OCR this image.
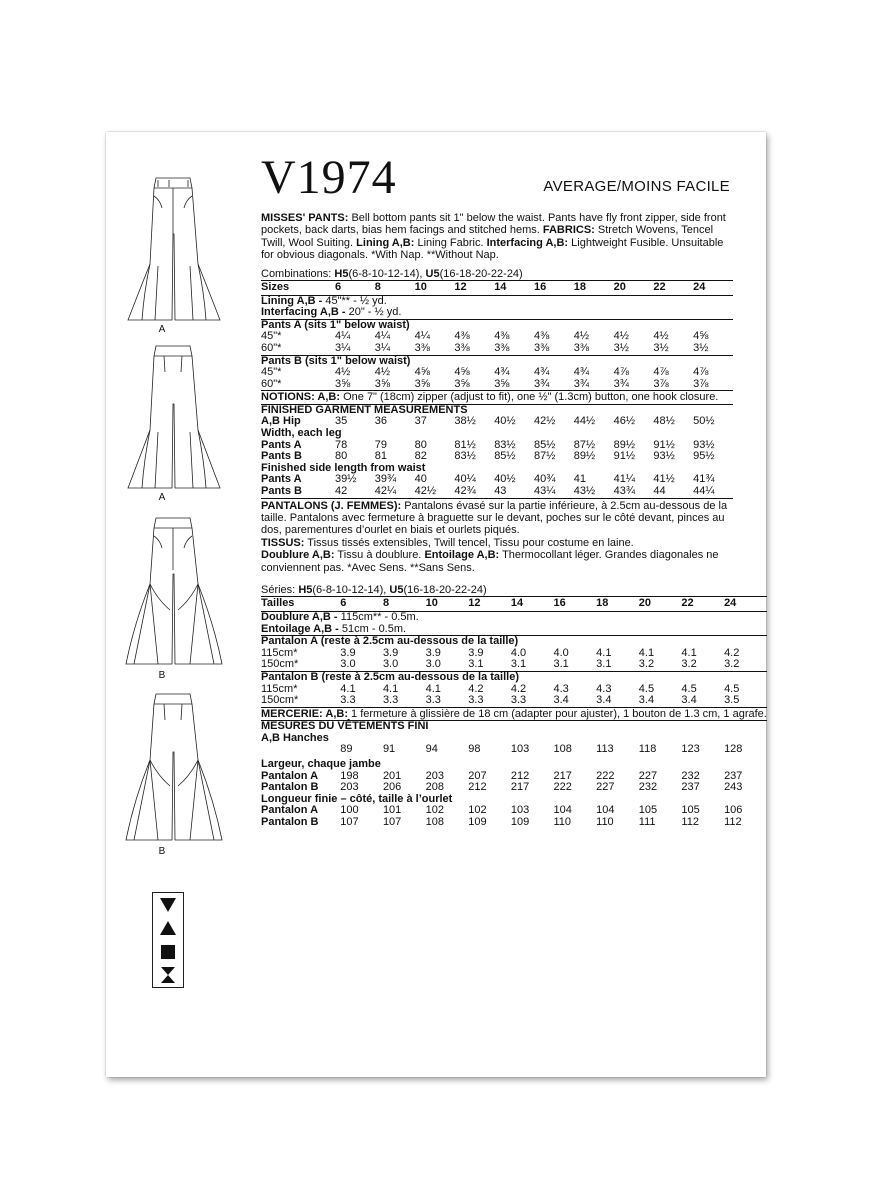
A
A
B
B
V1974	AVERAGE/MOINS FACILE

MISSES' PANTS: Bell bottom pants sit 1" below the waist. Pants have fly front zipper, side front pockets, back darts, bias hem facings and stitched hems. FABRICS: Stretch Wovens, Tencel Twill, Wool Suiting. Lining A,B: Lining Fabric. Interfacing A,B: Lightweight Fusible. Unsuitable for obvious diagonals. *With Nap. **Without Nap.

Combinations: H5(6-8-10-12-14), U5(16-18-20-22-24)
Sizes	6	8	10	12	14	16	18	20	22	24
Lining A,B - 45"** - ½ yd.										
Interfacing A,B - 20" - ½ yd.										
Pants A (sits 1" below waist)										
45"*	4¼	4¼	4¼	4⅜	4⅜	4⅜	4½	4½	4½	4⅝
60"*	3¼	3¼	3⅜	3⅜	3⅜	3⅜	3⅜	3½	3½	3½
Pants B (sits 1" below waist)										
45"*	4½	4½	4⅝	4⅝	4¾	4¾	4¾	4⅞	4⅞	4⅞
60"*	3⅝	3⅝	3⅝	3⅝	3⅝	3¾	3¾	3¾	3⅞	3⅞
NOTIONS: A,B: One 7" (18cm) zipper (adjust to fit), one ½" (1.3cm) button, one hook closure.										
FINISHED GARMENT MEASUREMENTS										
A,B Hip	35	36	37	38½	40½	42½	44½	46½	48½	50½
Width, each leg										
Pants A	78	79	80	81½	83½	85½	87½	89½	91½	93½
Pants B	80	81	82	83½	85½	87½	89½	91½	93½	95½
Finished side length from waist										
Pants A	39½	39¾	40	40¼	40½	40¾	41	41¼	41½	41¾
Pants B	42	42¼	42½	42¾	43	43¼	43½	43¾	44	44¼

PANTALONS (J. FEMMES): Pantalons évasé sur la partie inférieure, à 2.5cm au-dessous de la taille. Pantalons avec fermeture à braguette sur le devant, poches sur le côté devant, pinces au dos, parementures d’ourlet en biais et ourlets piqués.
TISSUS: Tissus tissés extensibles, Twill tencel, Tissu pour costume en laine.
Doublure A,B: Tissu à doublure. Entoilage A,B: Thermocollant léger. Grandes diagonales ne conviennent pas. *Avec Sens. **Sans Sens.

Séries: H5(6-8-10-12-14), U5(16-18-20-22-24)
Tailles	6	8	10	12	14	16	18	20	22	24
Doublure A,B - 115cm** - 0.5m.										
Entoilage A,B - 51cm - 0.5m.										
Pantalon A (reste à 2.5cm au-dessous de la taille)										
115cm*	3.9	3.9	3.9	3.9	4.0	4.0	4.1	4.1	4.1	4.2
150cm*	3.0	3.0	3.0	3.1	3.1	3.1	3.1	3.2	3.2	3.2
Pantalon B (reste à 2.5cm au-dessous de la taille)										
115cm*	4.1	4.1	4.1	4.2	4.2	4.3	4.3	4.5	4.5	4.5
150cm*	3.3	3.3	3.3	3.3	3.3	3.4	3.4	3.4	3.4	3.5
MERCERIE: A,B: 1 fermeture à glissière de 18 cm (adapter pour ajuster), 1 bouton de 1.3 cm, 1 agrafe.										
MESURES DU VÊTEMENTS FINI										
A,B Hanches										
	89	91	94	98	103	108	113	118	123	128
Largeur, chaque jambe										
Pantalon A	198	201	203	207	212	217	222	227	232	237
Pantalon B	203	206	208	212	217	222	227	232	237	243
Longueur finie – côté, taille à l’ourlet										
Pantalon A	100	101	102	102	103	104	104	105	105	106
Pantalon B	107	107	108	109	109	110	110	111	112	112
